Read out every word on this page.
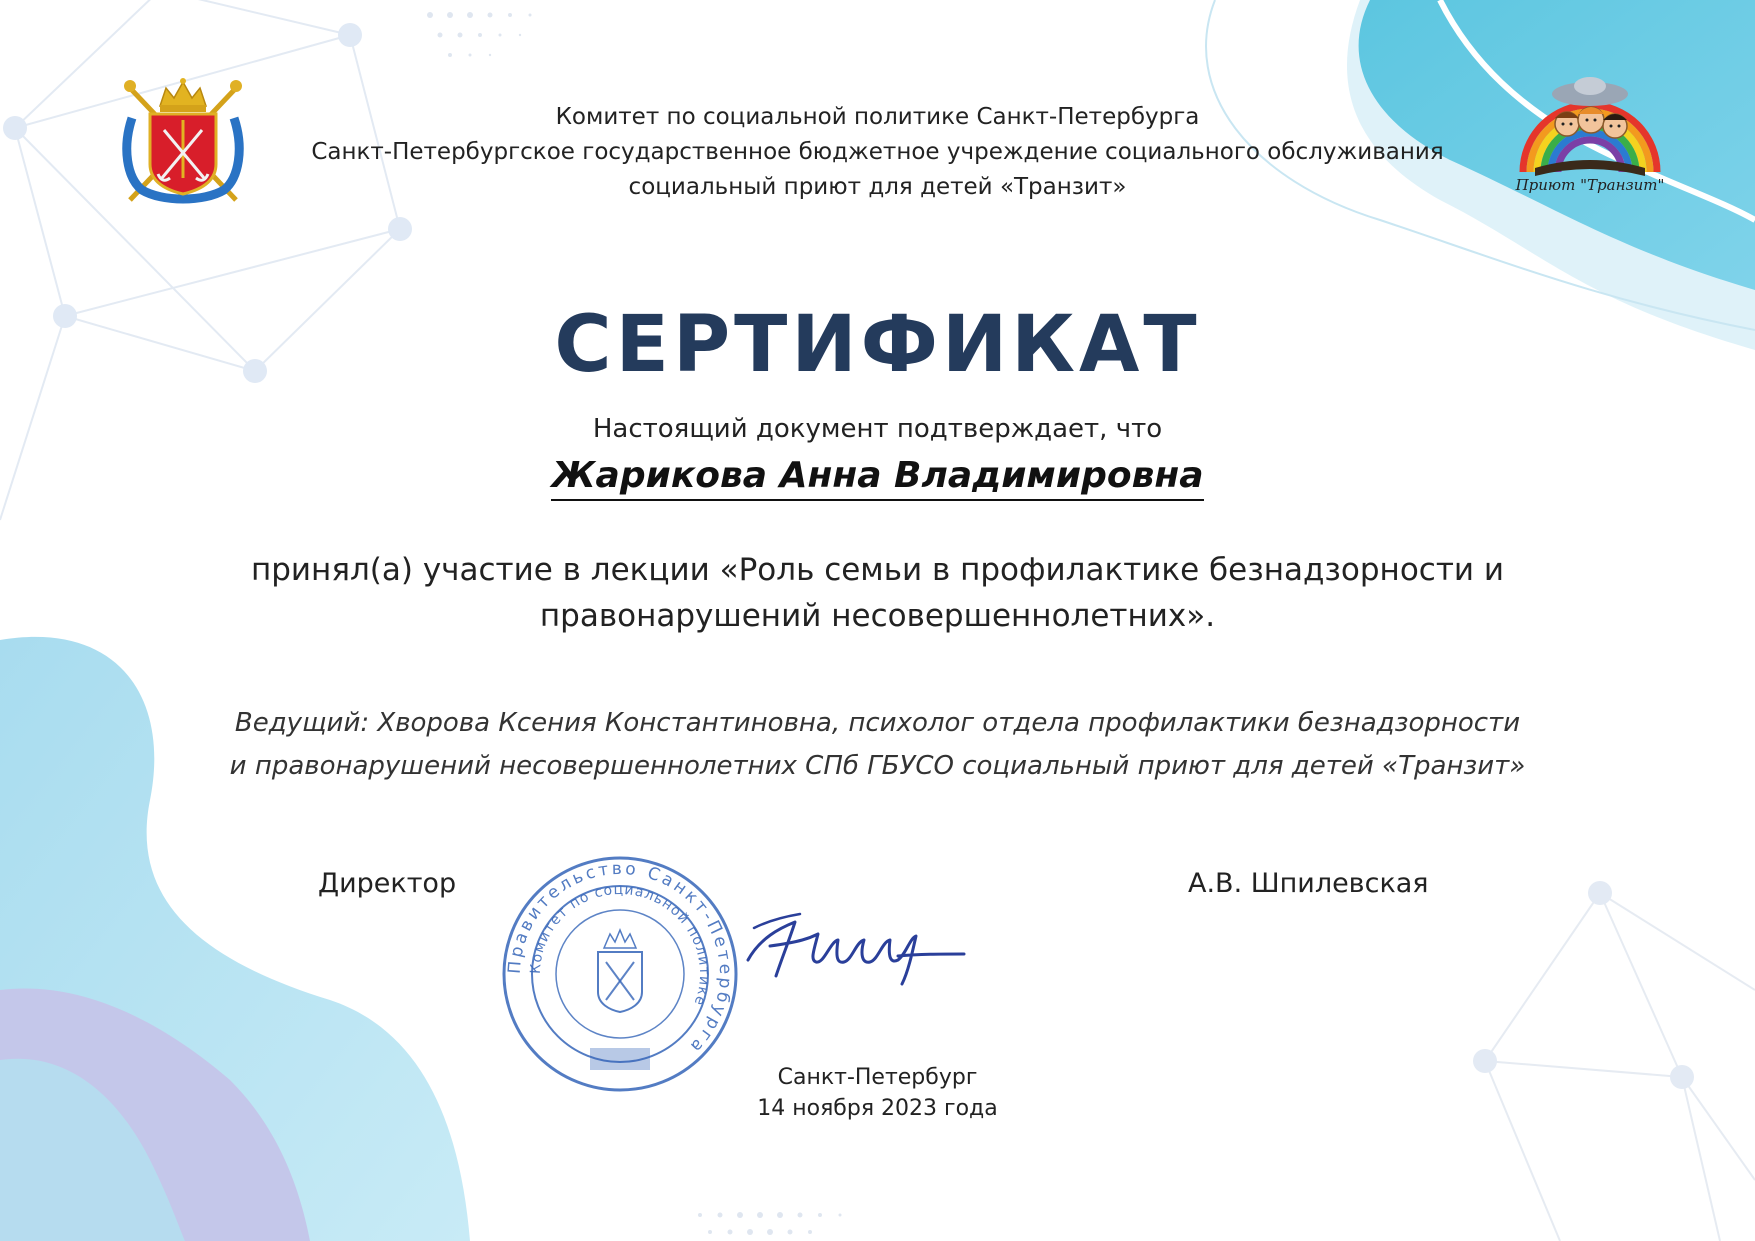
Приют "Транзит"
Комитет по социальной политике Санкт-Петербурга
Санкт-Петербургское государственное бюджетное учреждение социального обслуживания
социальный приют для детей «Транзит»
СЕРТИФИКАТ
Настоящий документ подтверждает, что
Жарикова Анна Владимировна
принял(а) участие в лекции «Роль семьи в профилактике безнадзорности и
правонарушений несовершеннолетних».
Ведущий: Хворова Ксения Константиновна, психолог отдела профилактики безнадзорности
и правонарушений несовершеннолетних СПб ГБУСО социальный приют для детей «Транзит»
Директор	А.В. Шпилевская
Правительство Санкт-Петербурга
Комитет по социальной политике
Санкт-Петербург
14 ноября 2023 года
